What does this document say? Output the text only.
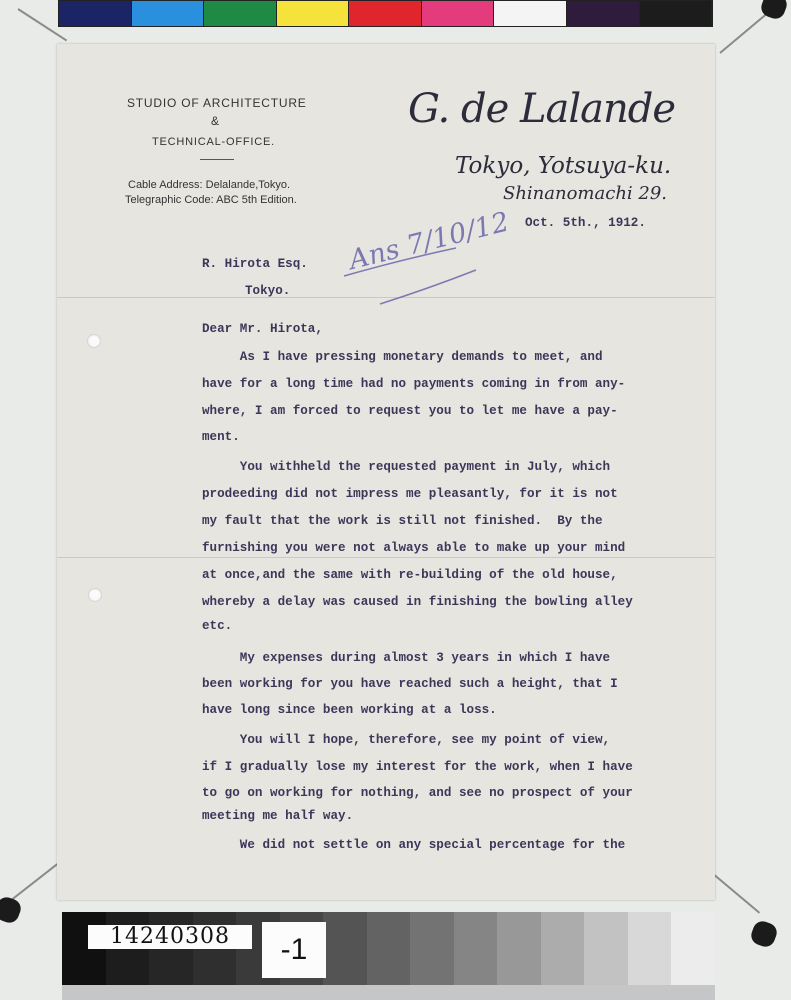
STUDIO OF ARCHITECTURE
&
TECHNICAL-OFFICE.
Cable Address: Delalande,Tokyo.
Telegraphic Code: ABC 5th Edition.
G. de Lalande
Tokyo, Yotsuya-ku.
Shinanomachi 29.
Oct. 5th., 1912.
R. Hirota Esq.
Tokyo.
Dear Mr. Hirota,
As I have pressing monetary demands to meet, and
have for a long time had no payments coming in from any-
where, I am forced to request you to let me have a pay-
ment.
You withheld the requested payment in July, which
prodeeding did not impress me pleasantly, for it is not
my fault that the work is still not finished.  By the
furnishing you were not always able to make up your mind
at once,and the same with re-building of the old house,
whereby a delay was caused in finishing the bowling alley
etc.
My expenses during almost 3 years in which I have
been working for you have reached such a height, that I
have long since been working at a loss.
You will I hope, therefore, see my point of view,
if I gradually lose my interest for the work, when I have
to go on working for nothing, and see no prospect of your
meeting me half way.
We did not settle on any special percentage for the
Ans 7/10/12
14240308	-1
